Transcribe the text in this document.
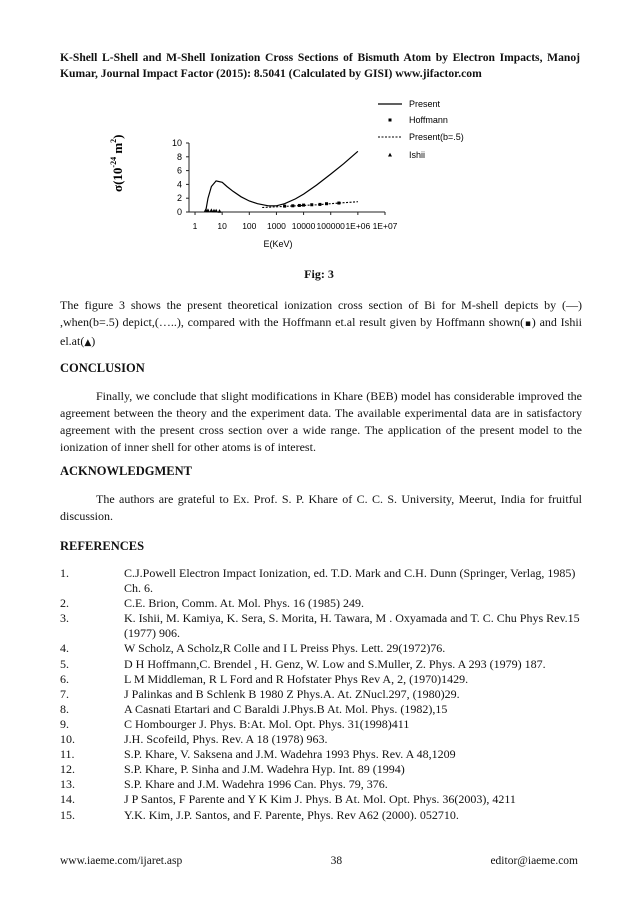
K-Shell L-Shell and M-Shell Ionization Cross Sections of Bismuth Atom by Electron Impacts, Manoj Kumar, Journal Impact Factor (2015): 8.5041 (Calculated by GISI) www.jifactor.com
$\sigma(10^{-24}$ $m^2$)
1 10 100 1000 10000 100000 1E+06 1E+07
0
2
4
6
8
10
Present
Hoffmann
Present(b=.5)
Ishii
E(KeV)
Fig: 3
The figure 3 shows the present theoretical ionization cross section of Bi for M-shell depicts by (—) ,when(b=.5) depict,(…..), compared with the Hoffmann et.al result given by Hoffmann shown(▪) and Ishii el.at(▲)
CONCLUSION
Finally, we conclude that slight modifications in Khare (BEB) model has considerable improved the agreement between the theory and the experiment data. The available experimental data are in satisfactory agreement with the present cross section over a wide range. The application of the present model to the ionization of inner shell for other atoms is of interest.
ACKNOWLEDGMENT
The authors are grateful to Ex. Prof. S. P. Khare of C. C. S. University, Meerut, India for fruitful discussion.
REFERENCES
1.	C.J.Powell Electron Impact Ionization, ed. T.D. Mark and C.H. Dunn (Springer, Verlag, 1985) Ch. 6.
2.	C.E. Brion, Comm. At. Mol. Phys. 16 (1985) 249.
3.	K. Ishii, M. Kamiya, K. Sera, S. Morita, H. Tawara, M . Oxyamada and T. C. Chu Phys Rev.15 (1977) 906.
4.	W Scholz, A Scholz,R Colle and I L Preiss Phys. Lett. 29(1972)76.
5.	D H Hoffmann,C. Brendel , H. Genz, W. Low and S.Muller, Z. Phys. A 293 (1979) 187.
6.	L M Middleman, R L Ford and R Hofstater Phys Rev A, 2, (1970)1429.
7.	J Palinkas and B Schlenk B 1980 Z Phys.A. At. ZNucl.297, (1980)29.
8.	A Casnati Etartari and C Baraldi J.Phys.B At. Mol. Phys. (1982),15
9.	C Hombourger J. Phys. B:At. Mol. Opt. Phys. 31(1998)411
10.	J.H. Scofeild, Phys. Rev. A 18 (1978) 963.
11.	S.P. Khare, V. Saksena and J.M. Wadehra 1993 Phys. Rev. A 48,1209
12.	S.P. Khare, P. Sinha and J.M. Wadehra Hyp. Int. 89 (1994)
13.	S.P. Khare and J.M. Wadehra 1996 Can. Phys. 79, 376.
14.	J P Santos, F Parente and Y K Kim J. Phys. B At. Mol. Opt. Phys. 36(2003), 4211
15.	Y.K. Kim, J.P. Santos, and F. Parente, Phys. Rev A62 (2000). 052710.
www.iaeme.com/ijaret.asp	38	editor@iaeme.com
